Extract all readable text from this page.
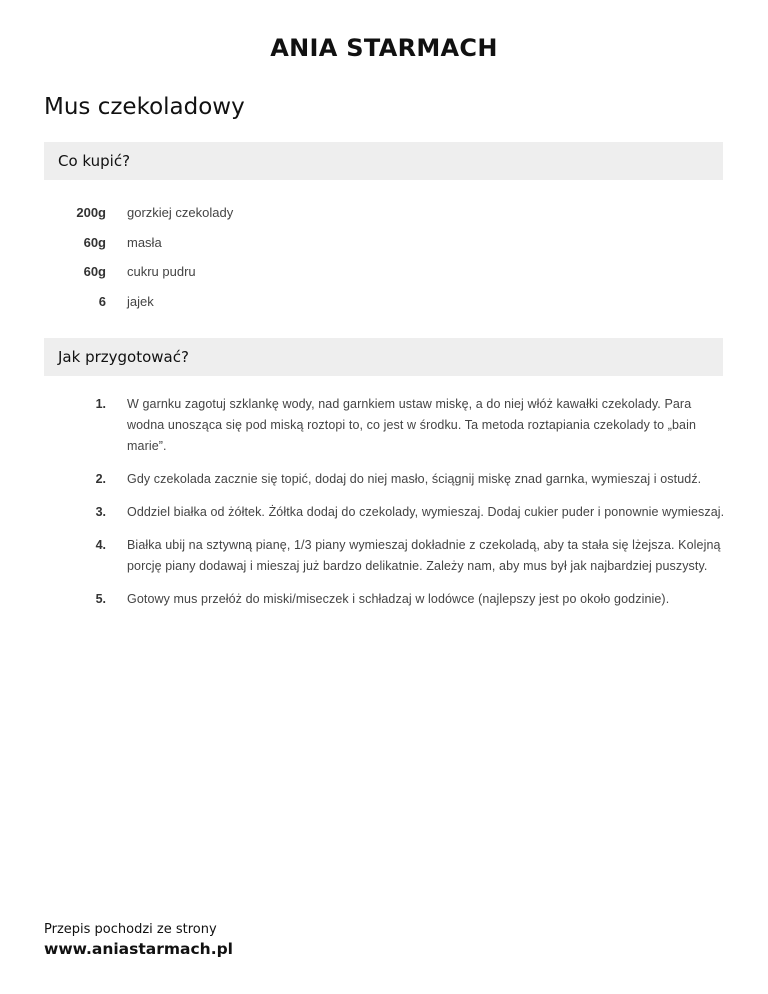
ANIA STARMACH
Mus czekoladowy
Co kupić?
200g gorzkiej czekolady
60g masła
60g cukru pudru
6 jajek
Jak przygotować?
1. W garnku zagotuj szklankę wody, nad garnkiem ustaw miskę, a do niej włóż kawałki czekolady. Para wodna unosząca się pod miską roztopi to, co jest w środku. Ta metoda roztapiania czekolady to „bain marie”.
2. Gdy czekolada zacznie się topić, dodaj do niej masło, ściągnij miskę znad garnka, wymieszaj i ostudź.
3. Oddziel białka od żółtek. Żółtka dodaj do czekolady, wymieszaj. Dodaj cukier puder i ponownie wymieszaj.
4. Białka ubij na sztywną pianę, 1/3 piany wymieszaj dokładnie z czekoladą, aby ta stała się lżejsza. Kolejną porcję piany dodawaj i mieszaj już bardzo delikatnie. Zależy nam, aby mus był jak najbardziej puszysty.
5. Gotowy mus przełóż do miski/miseczek i schładzaj w lodówce (najlepszy jest po około godzinie).
Przepis pochodzi ze strony
www.aniastarmach.pl
